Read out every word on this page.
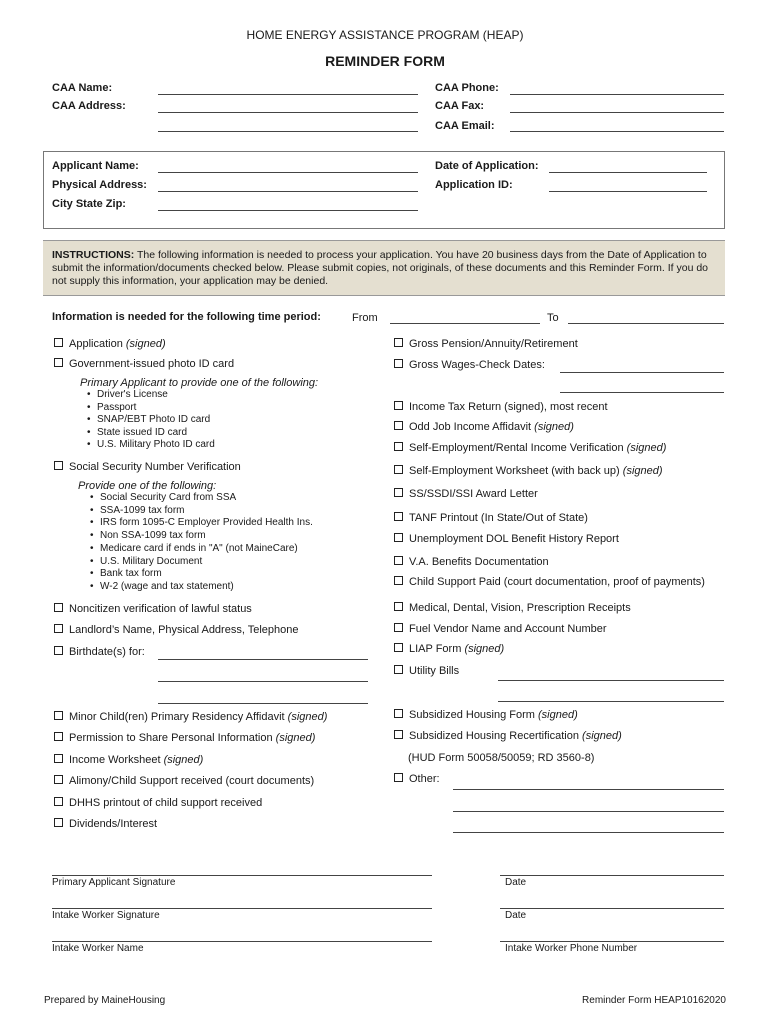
HOME ENERGY ASSISTANCE PROGRAM (HEAP)
REMINDER FORM
CAA Name:
CAA Address:
CAA Phone:
CAA Fax:
CAA Email:
Applicant Name:
Physical Address:
City State Zip:
Date of Application:
Application ID:
INSTRUCTIONS: The following information is needed to process your application. You have 20 business days from the Date of Application to submit the information/documents checked below. Please submit copies, not originals, of these documents and this Reminder Form. If you do not supply this information, your application may be denied.
Information is needed for the following time period:	From	To
Application (signed)
Government-issued photo ID card
Primary Applicant to provide one of the following:
• Driver's License
• Passport
• SNAP/EBT Photo ID card
• State issued ID card
• U.S. Military Photo ID card
Social Security Number Verification
Provide one of the following:
• Social Security Card from SSA
• SSA-1099 tax form
• IRS form 1095-C Employer Provided Health Ins.
• Non SSA-1099 tax form
• Medicare card if ends in "A" (not MaineCare)
• U.S. Military Document
• Bank tax form
• W-2 (wage and tax statement)
Noncitizen verification of lawful status
Landlord’s Name, Physical Address, Telephone
Birthdate(s) for:
Minor Child(ren) Primary Residency Affidavit (signed)
Permission to Share Personal Information (signed)
Income Worksheet (signed)
Alimony/Child Support received (court documents)
DHHS printout of child support received
Dividends/Interest
Gross Pension/Annuity/Retirement
Gross Wages-Check Dates:
Income Tax Return (signed), most recent
Odd Job Income Affidavit (signed)
Self-Employment/Rental Income Verification (signed)
Self-Employment Worksheet (with back up) (signed)
SS/SSDI/SSI Award Letter
TANF Printout (In State/Out of State)
Unemployment DOL Benefit History Report
V.A. Benefits Documentation
Child Support Paid (court documentation, proof of payments)
Medical, Dental, Vision, Prescription Receipts
Fuel Vendor Name and Account Number
LIAP Form (signed)
Utility Bills
Subsidized Housing Form (signed)
Subsidized Housing Recertification (signed)
(HUD Form 50058/50059; RD 3560-8)
Other:
Primary Applicant Signature	Date
Intake Worker Signature	Date
Intake Worker Name	Intake Worker Phone Number
Prepared by MaineHousing	Reminder Form HEAP10162020
